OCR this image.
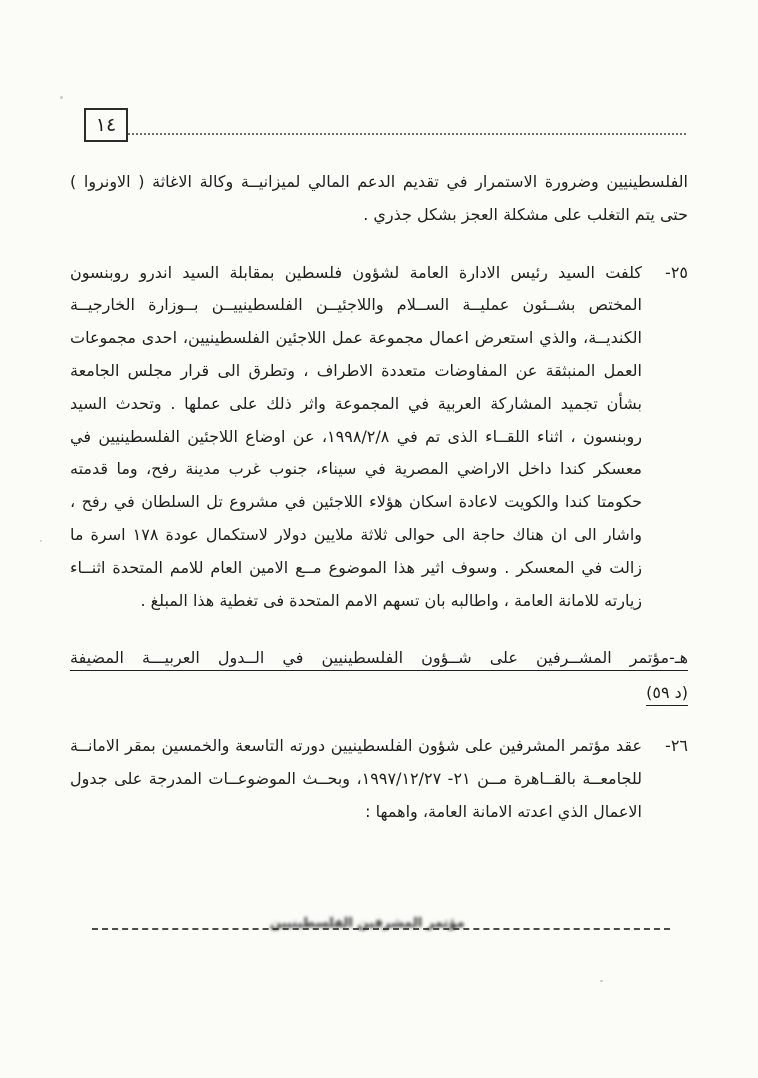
١٤

الفلسطينيين وضرورة الاستمرار في تقديم الدعم المالي لميزانيــة وكالة الاغاثة ( الاونروا ) حتى يتم التغلب على مشكلة العجز بشكل جذري .

٢٥-

كلفت السيد رئيس الادارة العامة لشؤون فلسطين بمقابلة السيد اندرو روبنسون المختص بشــئون عمليــة الســلام واللاجئيــن الفلسطينييــن بــوزارة الخارجيــة الكنديــة، والذي استعرض اعمال مجموعة عمل اللاجئين الفلسطينيين، احدى مجموعات العمل المنبثقة عن المفاوضات متعددة الاطراف ، وتطرق الى قرار مجلس الجامعة بشأن تجميد المشاركة العربية في المجموعة واثر ذلك على عملها . وتحدث السيد روبنسون ، اثناء اللقــاء الذى تم في ١٩٩٨/٢/٨، عن اوضاع اللاجئين الفلسطينيين في معسكر كندا داخل الاراضي المصرية في سيناء، جنوب غرب مدينة رفح، وما قدمته حكومتا كندا والكويت لاعادة اسكان هؤلاء اللاجئين في مشروع تل السلطان في رفح ، واشار الى ان هناك حاجة الى حوالى ثلاثة ملايين دولار لاستكمال عودة ١٧٨ اسرة ما زالت في المعسكر . وسوف اثير هذا الموضوع مــع الامين العام للامم المتحدة اثنــاء زيارته للامانة العامة ، واطالبه بان تسهم الامم المتحدة فى تغطية هذا المبلغ .

هـ-مؤتمر المشــرفين على شــؤون الفلسطينيين في الــدول العربيـــة المضيفة
(د ٥٩)
٢٦-

عقد مؤتمر المشرفين على شؤون الفلسطينيين دورته التاسعة والخمسين بمقر الامانــة للجامعــة بالقــاهرة مــن ٢١- ١٩٩٧/١٢/٢٧، وبحــث الموضوعــات المدرجة على جدول الاعمال الذي اعدته الامانة العامة، واهمها :

مؤتمر المشرفين الفلسطينيين
